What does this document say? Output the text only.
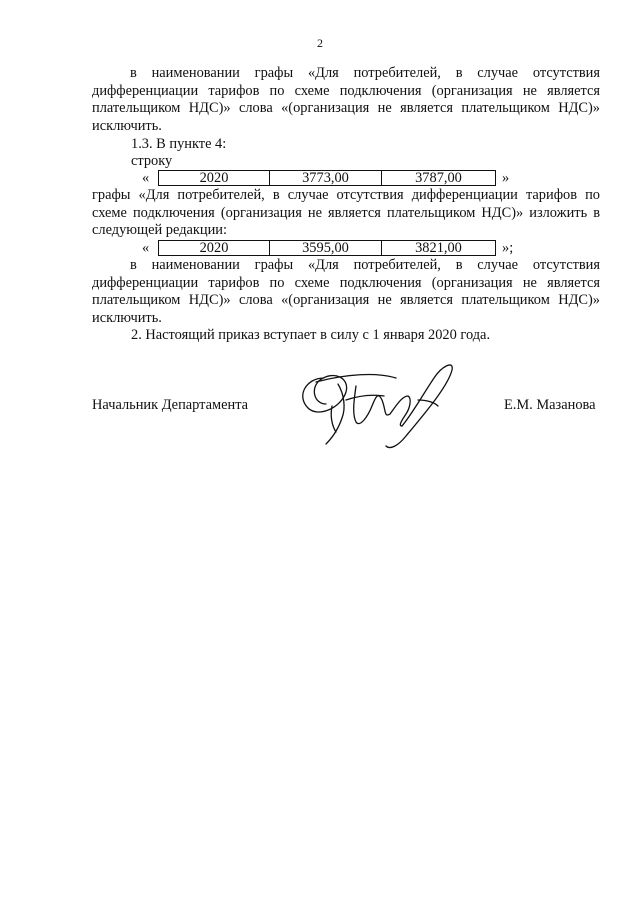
2

в наименовании графы «Для потребителей, в случае отсутствия дифференциации тарифов по схеме подключения (организация не является плательщиком НДС)» слова «(организация не является плательщиком НДС)» исключить.

1.3. В пункте 4:
строку
«	2020	3773,00	3787,00	»

графы «Для потребителей, в случае отсутствия дифференциации тарифов по схеме подключения (организация не является плательщиком НДС)» изложить в следующей редакции:

«	2020	3595,00	3821,00	»;

в наименовании графы «Для потребителей, в случае отсутствия дифференциации тарифов по схеме подключения (организация не является плательщиком НДС)» слова «(организация не является плательщиком НДС)» исключить.

2. Настоящий приказ вступает в силу с 1 января 2020 года.
Начальник Департамента	Е.М. Мазанова
